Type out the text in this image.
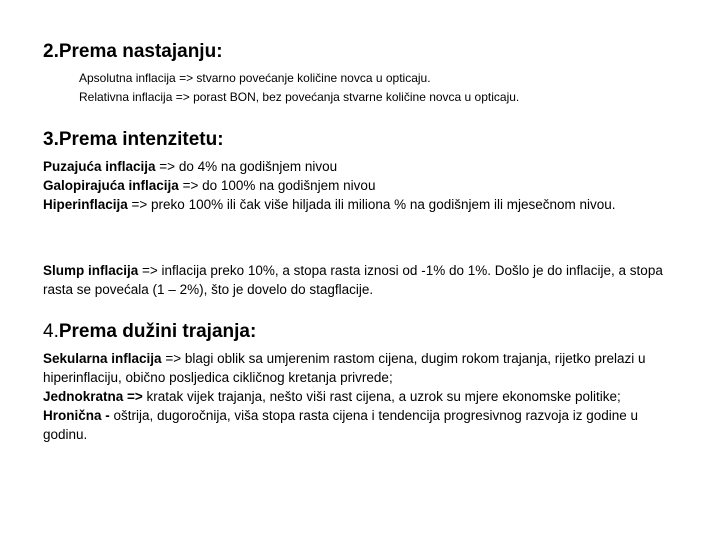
2.Prema nastajanju:
Apsolutna inflacija => stvarno povećanje količine novca u opticaju.
Relativna inflacija => porast BON, bez povećanja stvarne količine novca u opticaju.
3.Prema intenzitetu:

Puzajuća inflacija => do 4% na godišnjem nivou

Galopirajuća inflacija => do 100% na godišnjem nivou

Hiperinflacija => preko 100% ili čak više hiljada ili miliona % na godišnjem ili mjesečnom nivou.

Slump inflacija => inflacija preko 10%, a stopa rasta iznosi od -1% do 1%. Došlo je do inflacije, a stopa rasta se povećala (1 – 2%), što je dovelo do stagflacije.

4.Prema dužini trajanja:

Sekularna inflacija => blagi oblik sa umjerenim rastom cijena, dugim rokom trajanja, rijetko prelazi u hiperinflaciju, obično posljedica cikličnog kretanja privrede;

Jednokratna => kratak vijek trajanja, nešto viši rast cijena, a uzrok su mjere ekonomske politike;

Hronična - oštrija, dugoročnija, viša stopa rasta cijena i tendencija progresivnog razvoja iz godine u godinu.
